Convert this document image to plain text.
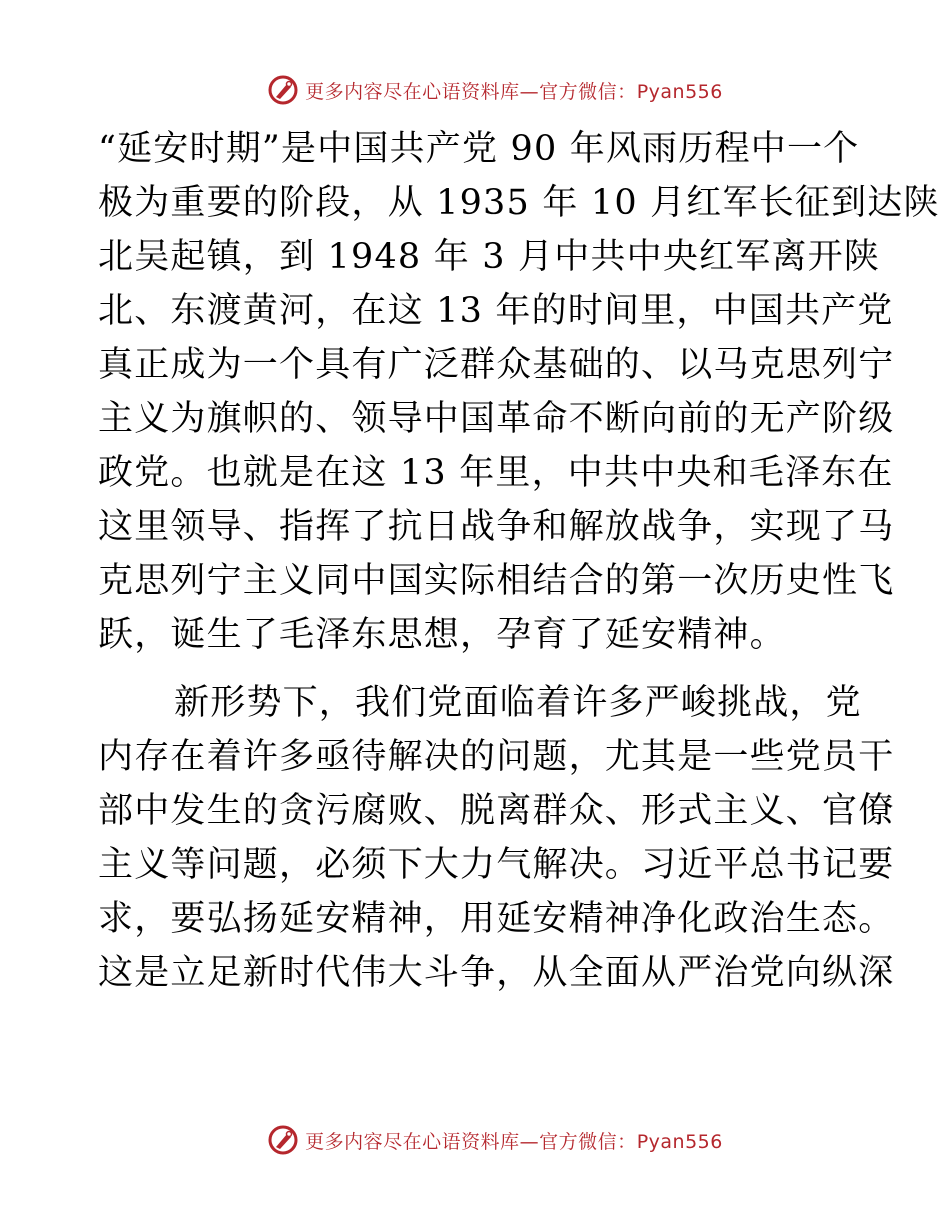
更多内容尽在心语资料库—官方微信：Pyan556

“延安时期”是中国共产党 90 年风雨历程中一个
极为重要的阶段，从 1935 年 10 月红军长征到达陕
北吴起镇，到 1948 年 3 月中共中央红军离开陕
北、东渡黄河，在这 13 年的时间里，中国共产党
真正成为一个具有广泛群众基础的、以马克思列宁
主义为旗帜的、领导中国革命不断向前的无产阶级
政党。也就是在这 13 年里，中共中央和毛泽东在
这里领导、指挥了抗日战争和解放战争，实现了马
克思列宁主义同中国实际相结合的第一次历史性飞
跃，诞生了毛泽东思想，孕育了延安精神。

新形势下，我们党面临着许多严峻挑战，党
内存在着许多亟待解决的问题，尤其是一些党员干
部中发生的贪污腐败、脱离群众、形式主义、官僚
主义等问题，必须下大力气解决。习近平总书记要
求，要弘扬延安精神，用延安精神净化政治生态。
这是立足新时代伟大斗争，从全面从严治党向纵深

更多内容尽在心语资料库—官方微信：Pyan556
